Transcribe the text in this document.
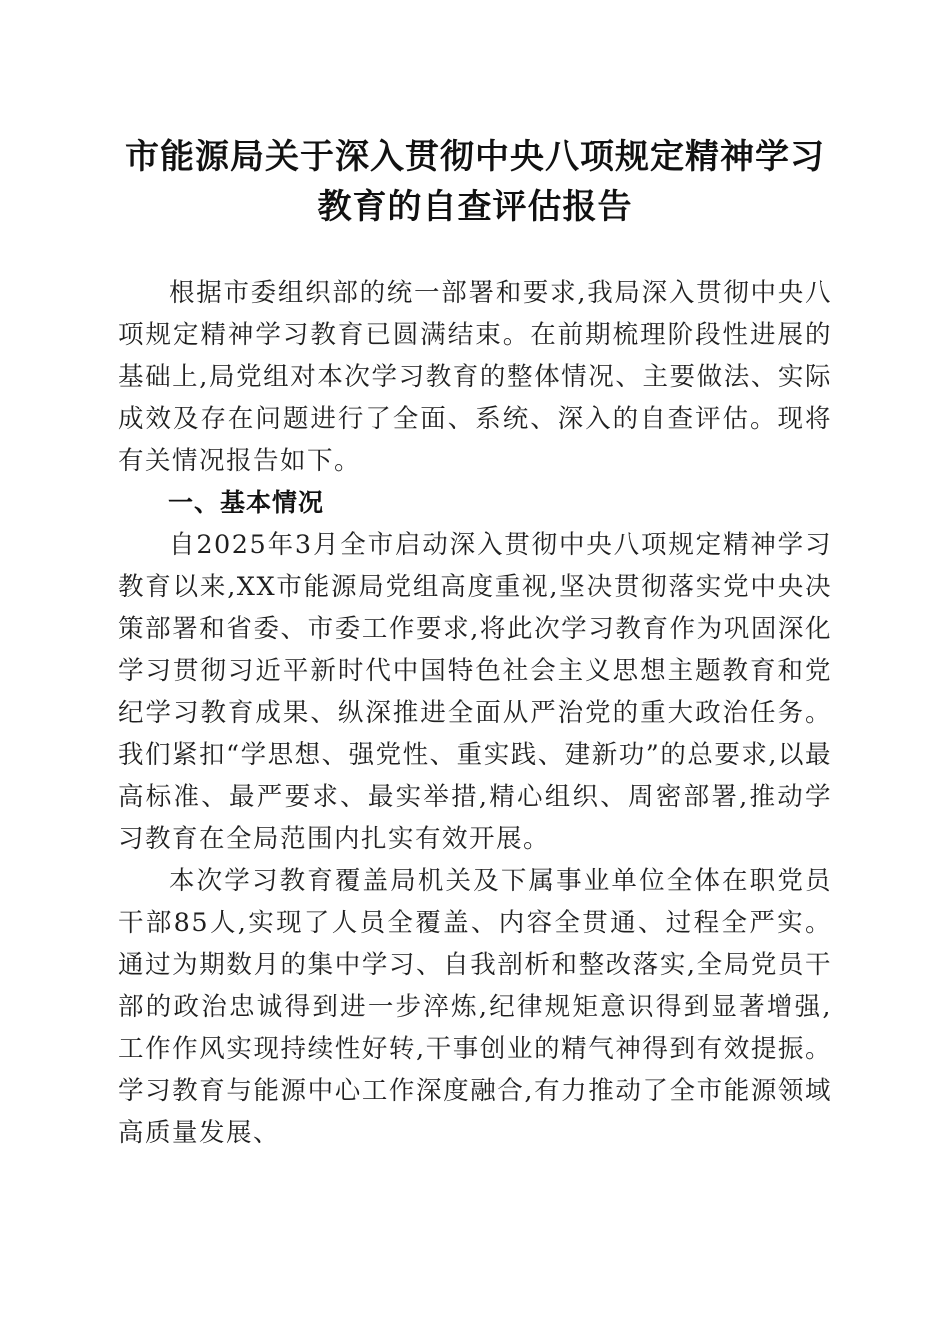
市能源局关于深入贯彻中央八项规定精神学习
教育的自查评估报告

根据市委组织部的统一部署和要求,我局深入贯彻中央八项规定精神学习教育已圆满结束。在前期梳理阶段性进展的基础上,局党组对本次学习教育的整体情况、主要做法、实际成效及存在问题进行了全面、系统、深入的自查评估。现将有关情况报告如下。

一、基本情况

自2025年3月全市启动深入贯彻中央八项规定精神学习教育以来,XX市能源局党组高度重视,坚决贯彻落实党中央决策部署和省委、市委工作要求,将此次学习教育作为巩固深化学习贯彻习近平新时代中国特色社会主义思想主题教育和党纪学习教育成果、纵深推进全面从严治党的重大政治任务。我们紧扣“学思想、强党性、重实践、建新功”的总要求,以最高标准、最严要求、最实举措,精心组织、周密部署,推动学习教育在全局范围内扎实有效开展。

本次学习教育覆盖局机关及下属事业单位全体在职党员干部85人,实现了人员全覆盖、内容全贯通、过程全严实。通过为期数月的集中学习、自我剖析和整改落实,全局党员干部的政治忠诚得到进一步淬炼,纪律规矩意识得到显著增强,工作作风实现持续性好转,干事创业的精气神得到有效提振。学习教育与能源中心工作深度融合,有力推动了全市能源领域高质量发展、
